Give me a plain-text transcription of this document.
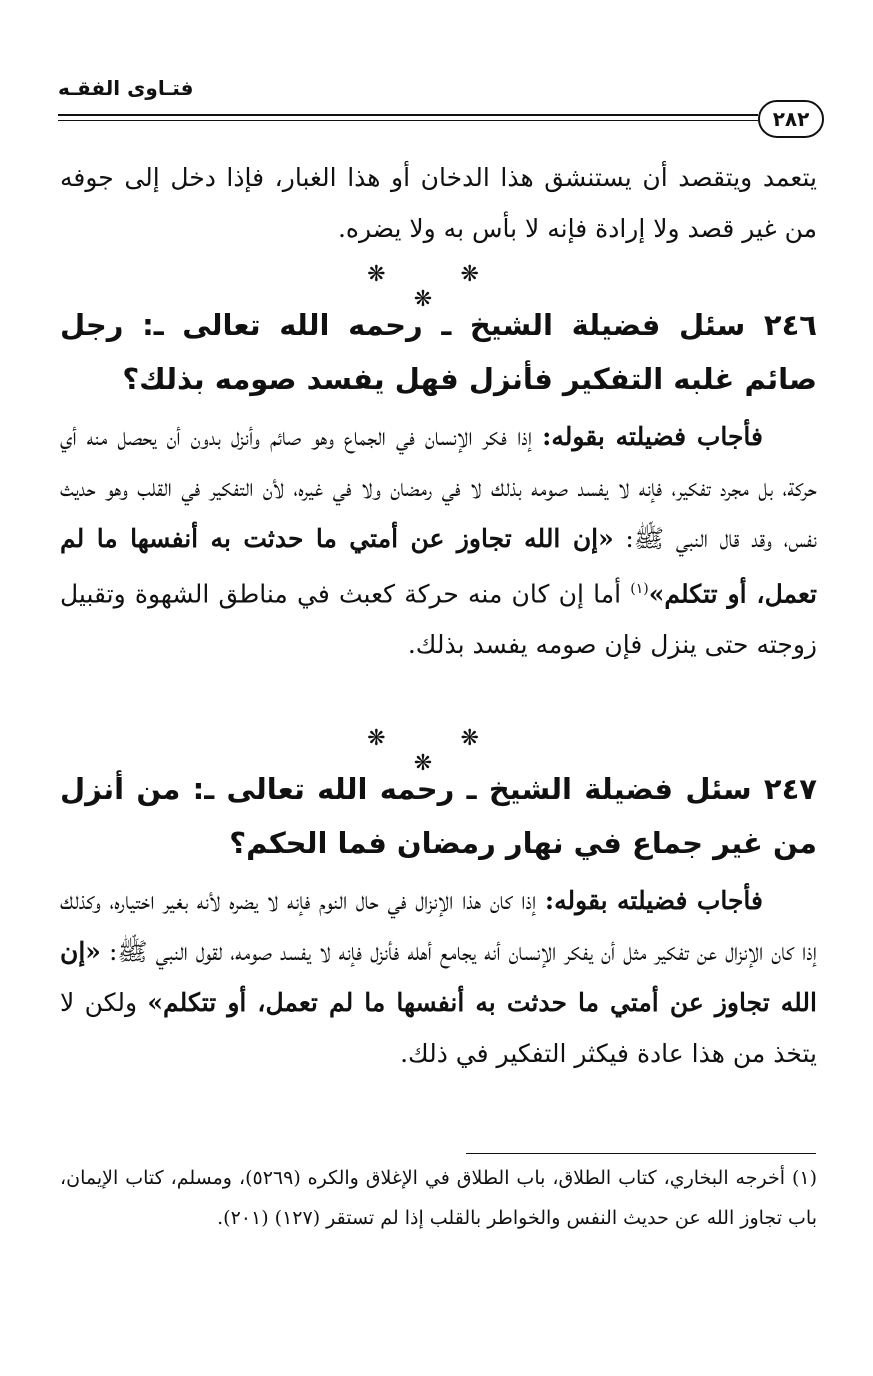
فتـاوى الفقـه
٢٨٢

يتعمد ويتقصد أن يستنشق هذا الدخان أو هذا الغبار، فإذا دخل إلى جوفه من غير قصد ولا إرادة فإنه لا بأس به ولا يضره.

❋ ❋ ❋

٢٤٦ سئل فضيلة الشيخ ـ رحمه الله تعالى ـ: رجل صائم غلبه التفكير فأنزل فهل يفسد صومه بذلك؟

فأجاب فضيلته بقوله: إذا فكر الإنسان في الجماع وهو صائم وأنزل بدون أن يحصل منه أي حركة، بل مجرد تفكير، فإنه لا يفسد صومه بذلك لا في رمضان ولا في غيره، لأن التفكير في القلب وهو حديث نفس، وقد قال النبي ﷺ: «إن الله تجاوز عن أمتي ما حدثت به أنفسها ما لم تعمل، أو تتكلم»$^{(١)}$ أما إن كان منه حركة كعبث في مناطق الشهوة وتقبيل زوجته حتى ينزل فإن صومه يفسد بذلك.

❋ ❋ ❋

٢٤٧ سئل فضيلة الشيخ ـ رحمه الله تعالى ـ: من أنزل من غير جماع في نهار رمضان فما الحكم؟

فأجاب فضيلته بقوله: إذا كان هذا الإنزال في حال النوم فإنه لا يضره لأنه بغير اختياره، وكذلك إذا كان الإنزال عن تفكير مثل أن يفكر الإنسان أنه يجامع أهله فأنزل فإنه لا يفسد صومه، لقول النبي ﷺ: «إن الله تجاوز عن أمتي ما حدثت به أنفسها ما لم تعمل، أو تتكلم» ولكن لا يتخذ من هذا عادة فيكثر التفكير في ذلك.

(١) أخرجه البخاري، كتاب الطلاق، باب الطلاق في الإغلاق والكره (٥٢٦٩)، ومسلم، كتاب الإيمان، باب تجاوز الله عن حديث النفس والخواطر بالقلب إذا لم تستقر (١٢٧) (٢٠١).
